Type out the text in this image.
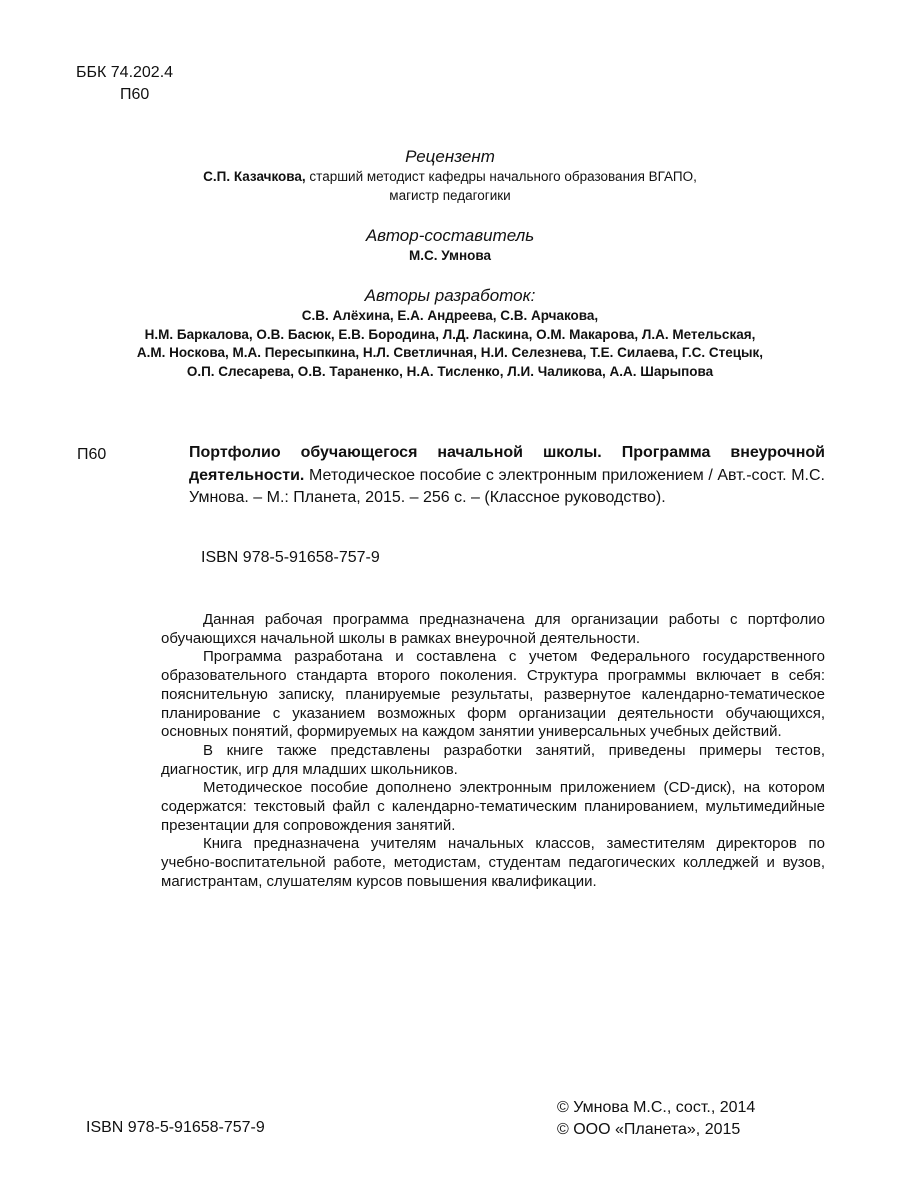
ББК 74.202.4
П60
Рецензент
С.П. Казачкова, старший методист кафедры начального образования ВГАПО,
магистр педагогики
Автор-составитель
М.С. Умнова
Авторы разработок:
С.В. Алёхина, Е.А. Андреева, С.В. Арчакова,
Н.М. Баркалова, О.В. Басюк, Е.В. Бородина, Л.Д. Ласкина, О.М. Макарова, Л.А. Метельская,
А.М. Носкова, М.А. Пересыпкина, Н.Л. Светличная, Н.И. Селезнева, Т.Е. Силаева, Г.С. Стецык,
О.П. Слесарева, О.В. Тараненко, Н.А. Тисленко, Л.И. Чаликова, А.А. Шарыпова
П60	Портфолио обучающегося начальной школы. Программа внеурочной деятельности. Методическое пособие с электронным приложением / Авт.-сост. М.С. Умнова. – М.: Планета, 2015. – 256 с. – (Классное руководство).
ISBN 978-5-91658-757-9

Данная рабочая программа предназначена для организации работы с портфолио обучающихся начальной школы в рамках внеурочной деятельности.

Программа разработана и составлена с учетом Федерального государственного образовательного стандарта второго поколения. Структура программы включает в себя: пояснительную записку, планируемые результаты, развернутое календарно-тематическое планирование с указанием возможных форм организации деятельности обучающихся, основных понятий, формируемых на каждом занятии универсальных учебных действий.

В книге также представлены разработки занятий, приведены примеры тестов, диагностик, игр для младших школьников.

Методическое пособие дополнено электронным приложением (CD-диск), на котором содержатся: текстовый файл с календарно-тематическим планированием, мультимедийные презентации для сопровождения занятий.

Книга предназначена учителям начальных классов, заместителям директоров по учебно-воспитательной работе, методистам, студентам педагогических колледжей и вузов, магистрантам, слушателям курсов повышения квалификации.

ISBN 978-5-91658-757-9
© Умнова М.С., сост., 2014
© ООО «Планета», 2015
